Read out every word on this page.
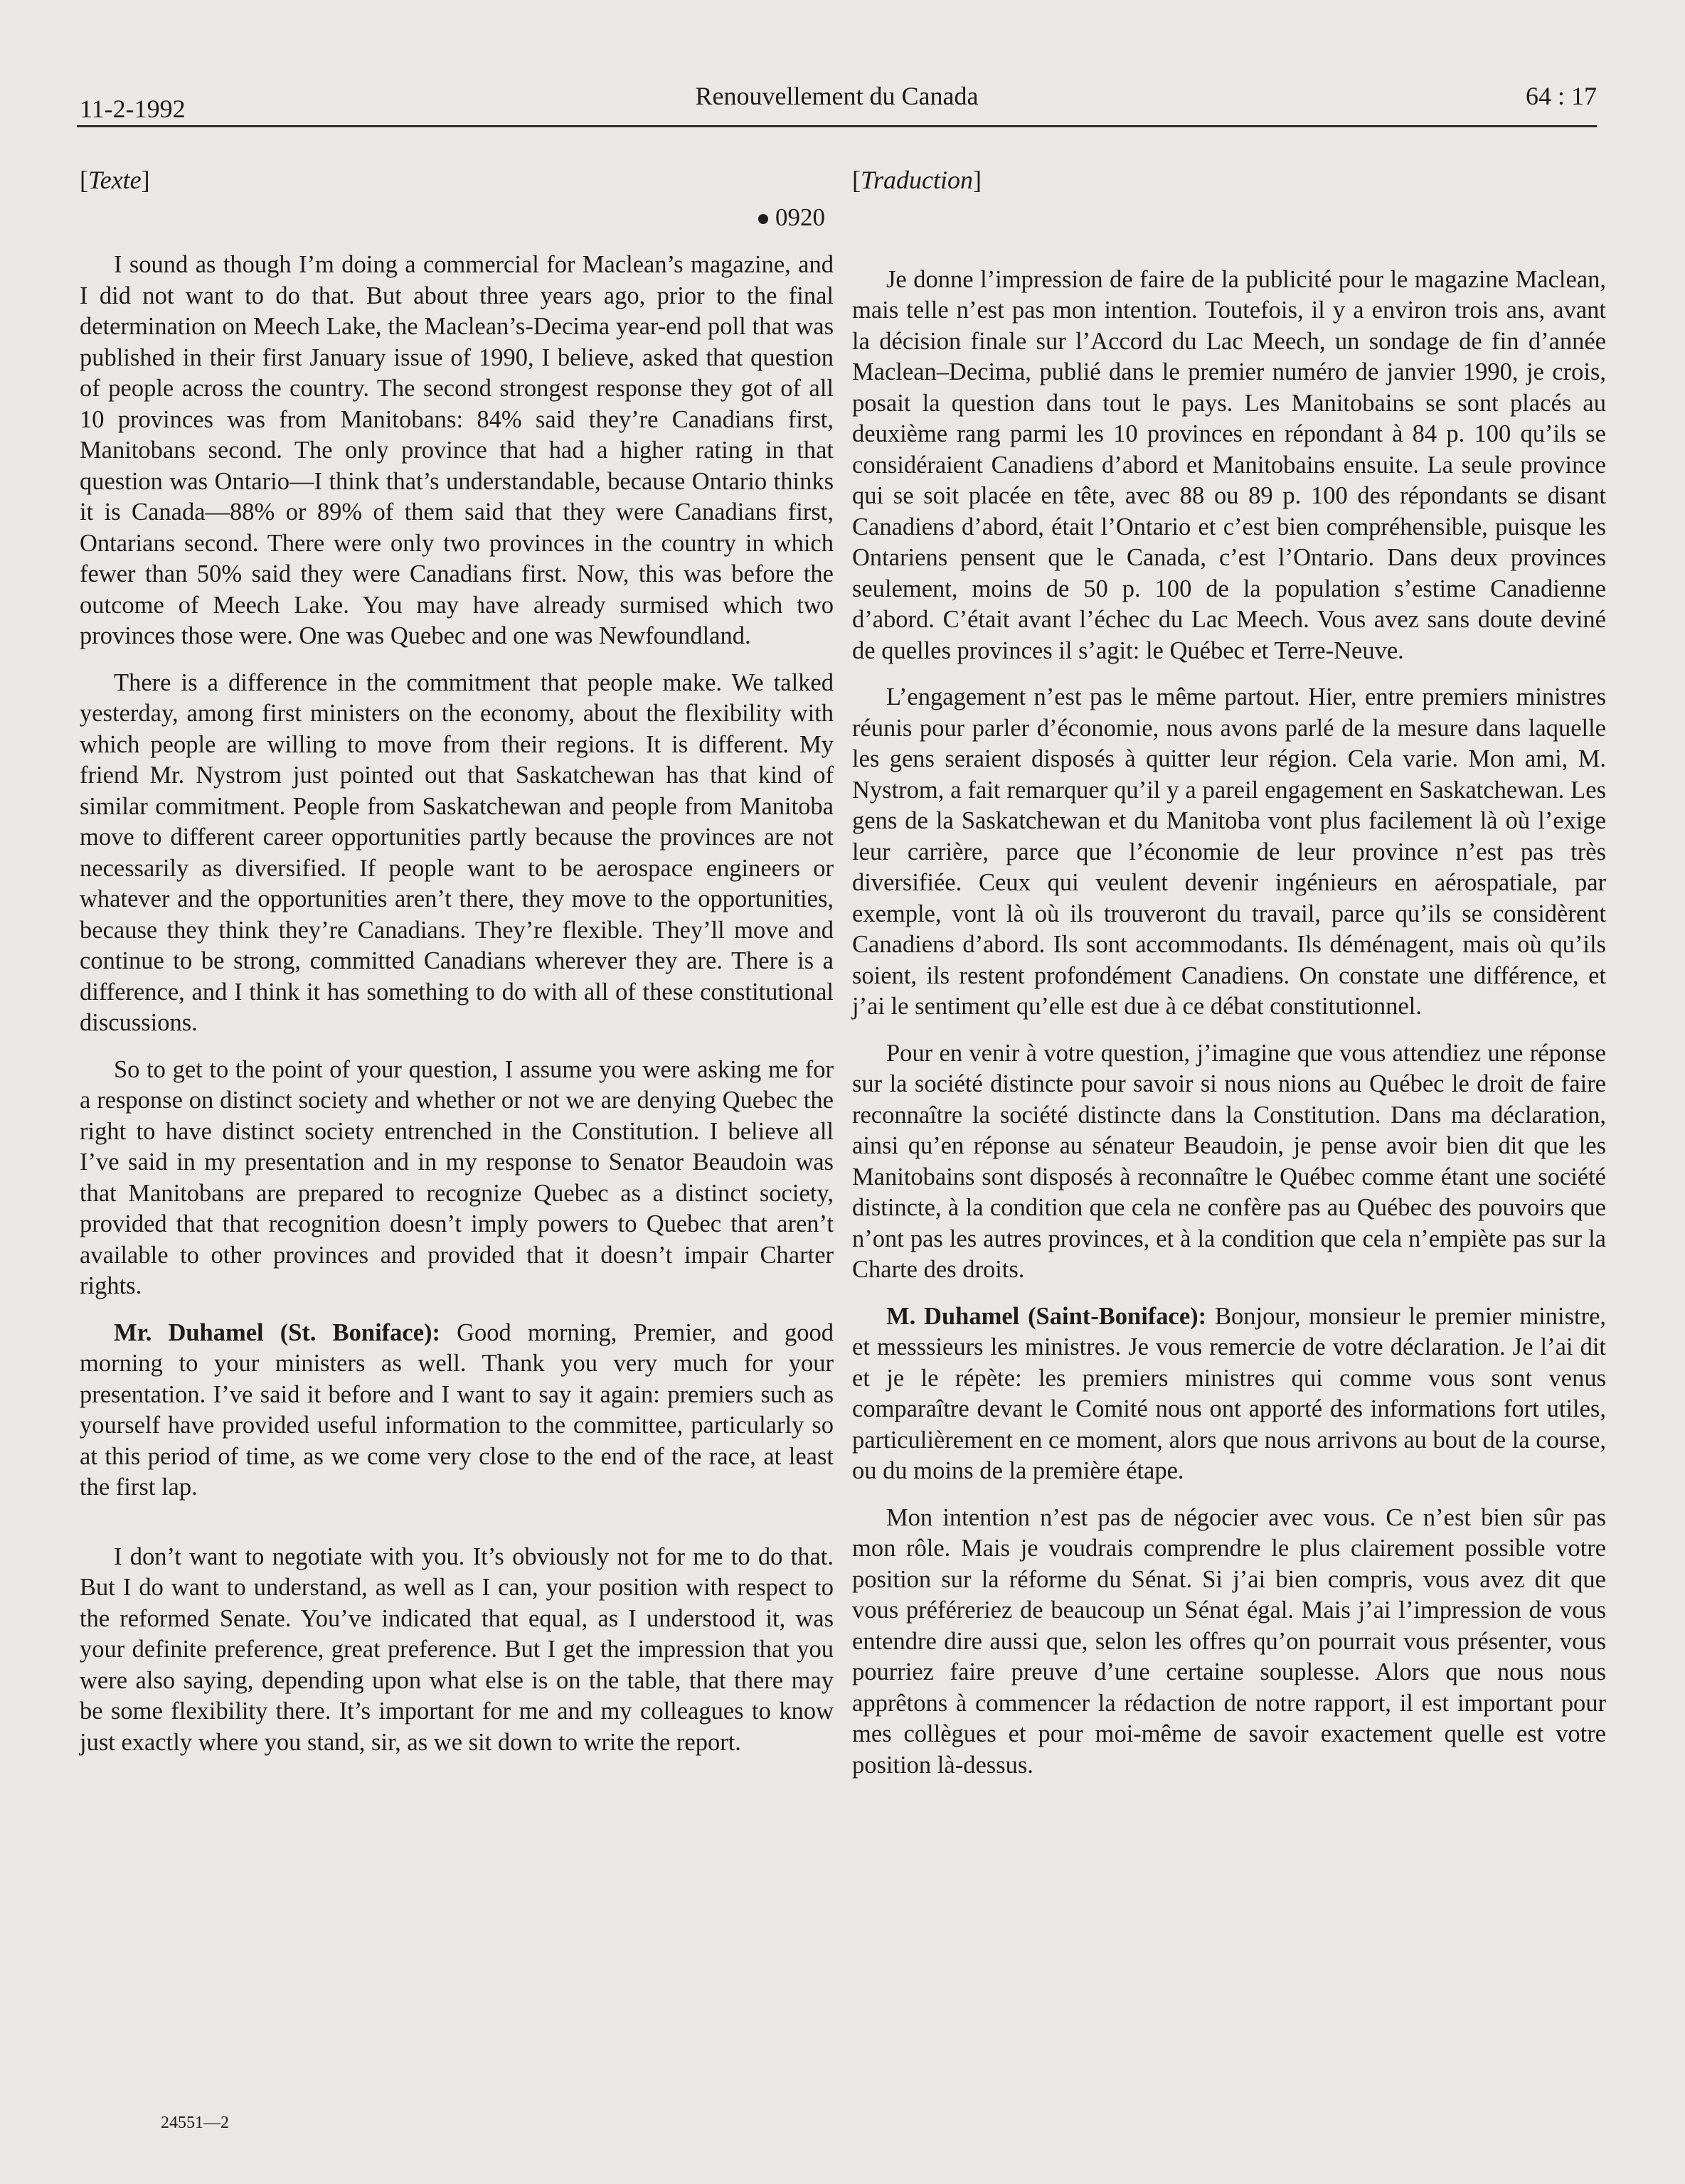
11-2-1992	Renouvellement du Canada	64 : 17
[Texte]
0920

I sound as though I’m doing a commercial for Maclean’s magazine, and I did not want to do that. But about three years ago, prior to the final determination on Meech Lake, the Maclean’s-Decima year-end poll that was published in their first January issue of 1990, I believe, asked that question of people across the country. The second strongest response they got of all 10 provinces was from Manitobans: 84% said they’re Canadians first, Manitobans second. The only province that had a higher rating in that question was Ontario—I think that’s understandable, because Ontario thinks it is Canada—88% or 89% of them said that they were Canadians first, Ontarians second. There were only two provinces in the country in which fewer than 50% said they were Canadians first. Now, this was before the outcome of Meech Lake. You may have already surmised which two provinces those were. One was Quebec and one was Newfoundland.

There is a difference in the commitment that people make. We talked yesterday, among first ministers on the economy, about the flexibility with which people are willing to move from their regions. It is different. My friend Mr. Nystrom just pointed out that Saskatchewan has that kind of similar commitment. People from Saskatchewan and people from Manitoba move to different career opportunities partly because the provinces are not necessarily as diversified. If people want to be aerospace engineers or whatever and the opportunities aren’t there, they move to the opportunities, because they think they’re Canadians. They’re flexible. They’ll move and continue to be strong, committed Canadians wherever they are. There is a difference, and I think it has something to do with all of these constitutional discussions.

So to get to the point of your question, I assume you were asking me for a response on distinct society and whether or not we are denying Quebec the right to have distinct society entrenched in the Constitution. I believe all I’ve said in my presentation and in my response to Senator Beaudoin was that Manitobans are prepared to recognize Quebec as a distinct society, provided that that recognition doesn’t imply powers to Quebec that aren’t available to other provinces and provided that it doesn’t impair Charter rights.

Mr. Duhamel (St. Boniface): Good morning, Premier, and good morning to your ministers as well. Thank you very much for your presentation. I’ve said it before and I want to say it again: premiers such as yourself have provided useful information to the committee, particularly so at this period of time, as we come very close to the end of the race, at least the first lap.

I don’t want to negotiate with you. It’s obviously not for me to do that. But I do want to understand, as well as I can, your position with respect to the reformed Senate. You’ve indicated that equal, as I understood it, was your definite preference, great preference. But I get the impression that you were also saying, depending upon what else is on the table, that there may be some flexibility there. It’s important for me and my colleagues to know just exactly where you stand, sir, as we sit down to write the report.

[Traduction]

Je donne l’impression de faire de la publicité pour le magazine Maclean, mais telle n’est pas mon intention. Toutefois, il y a environ trois ans, avant la décision finale sur l’Accord du Lac Meech, un sondage de fin d’année Maclean–Decima, publié dans le premier numéro de janvier 1990, je crois, posait la question dans tout le pays. Les Manitobains se sont placés au deuxième rang parmi les 10 provinces en répondant à 84 p. 100 qu’ils se considéraient Canadiens d’abord et Manitobains ensuite. La seule province qui se soit placée en tête, avec 88 ou 89 p. 100 des répondants se disant Canadiens d’abord, était l’Ontario et c’est bien compréhensible, puisque les Ontariens pensent que le Canada, c’est l’Ontario. Dans deux provinces seulement, moins de 50 p. 100 de la population s’estime Canadienne d’abord. C’était avant l’échec du Lac Meech. Vous avez sans doute deviné de quelles provinces il s’agit: le Québec et Terre-Neuve.

L’engagement n’est pas le même partout. Hier, entre premiers ministres réunis pour parler d’économie, nous avons parlé de la mesure dans laquelle les gens seraient disposés à quitter leur région. Cela varie. Mon ami, M. Nystrom, a fait remarquer qu’il y a pareil engagement en Saskatchewan. Les gens de la Saskatchewan et du Manitoba vont plus facilement là où l’exige leur carrière, parce que l’économie de leur province n’est pas très diversifiée. Ceux qui veulent devenir ingénieurs en aérospatiale, par exemple, vont là où ils trouveront du travail, parce qu’ils se considèrent Canadiens d’abord. Ils sont accommodants. Ils déménagent, mais où qu’ils soient, ils restent profondément Canadiens. On constate une différence, et j’ai le sentiment qu’elle est due à ce débat constitutionnel.

Pour en venir à votre question, j’imagine que vous attendiez une réponse sur la société distincte pour savoir si nous nions au Québec le droit de faire reconnaître la société distincte dans la Constitution. Dans ma déclaration, ainsi qu’en réponse au sénateur Beaudoin, je pense avoir bien dit que les Manitobains sont disposés à reconnaître le Québec comme étant une société distincte, à la condition que cela ne confère pas au Québec des pouvoirs que n’ont pas les autres provinces, et à la condition que cela n’empiète pas sur la Charte des droits.

M. Duhamel (Saint-Boniface): Bonjour, monsieur le premier ministre, et messsieurs les ministres. Je vous remercie de votre déclaration. Je l’ai dit et je le répète: les premiers ministres qui comme vous sont venus comparaître devant le Comité nous ont apporté des informations fort utiles, particulièrement en ce moment, alors que nous arrivons au bout de la course, ou du moins de la première étape.

Mon intention n’est pas de négocier avec vous. Ce n’est bien sûr pas mon rôle. Mais je voudrais comprendre le plus clairement possible votre position sur la réforme du Sénat. Si j’ai bien compris, vous avez dit que vous préféreriez de beaucoup un Sénat égal. Mais j’ai l’impression de vous entendre dire aussi que, selon les offres qu’on pourrait vous présenter, vous pourriez faire preuve d’une certaine souplesse. Alors que nous nous apprêtons à commencer la rédaction de notre rapport, il est important pour mes collègues et pour moi-même de savoir exactement quelle est votre position là-dessus.

24551—2
